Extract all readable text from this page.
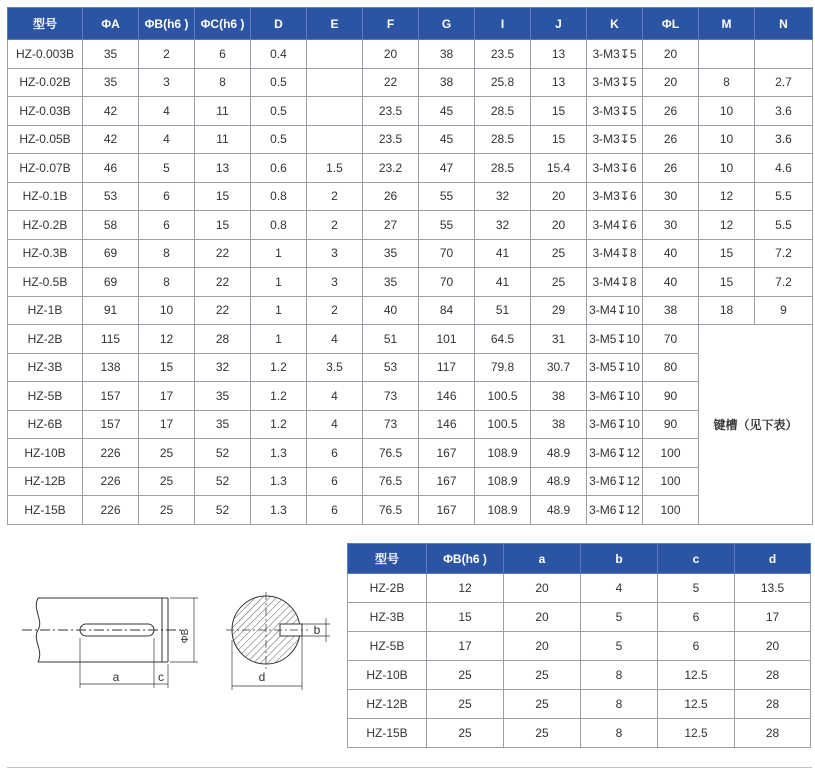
型号	ΦA	ΦB(h6 )	ΦC(h6 )	D	E	F	G	I	J	K	ΦL	M	N
HZ-0.003B	35	2	6	0.4		20	38	23.5	13	3-M3↧5	20		
HZ-0.02B	35	3	8	0.5		22	38	25.8	13	3-M3↧5	20	8	2.7
HZ-0.03B	42	4	11	0.5		23.5	45	28.5	15	3-M3↧5	26	10	3.6
HZ-0.05B	42	4	11	0.5		23.5	45	28.5	15	3-M3↧5	26	10	3.6
HZ-0.07B	46	5	13	0.6	1.5	23.2	47	28.5	15.4	3-M3↧6	26	10	4.6
HZ-0.1B	53	6	15	0.8	2	26	55	32	20	3-M3↧6	30	12	5.5
HZ-0.2B	58	6	15	0.8	2	27	55	32	20	3-M4↧6	30	12	5.5
HZ-0.3B	69	8	22	1	3	35	70	41	25	3-M4↧8	40	15	7.2
HZ-0.5B	69	8	22	1	3	35	70	41	25	3-M4↧8	40	15	7.2
HZ-1B	91	10	22	1	2	40	84	51	29	3-M4↧10	38	18	9
HZ-2B	115	12	28	1	4	51	101	64.5	31	3-M5↧10	70	键槽（见下表）	
HZ-3B	138	15	32	1.2	3.5	53	117	79.8	30.7	3-M5↧10	80		
HZ-5B	157	17	35	1.2	4	73	146	100.5	38	3-M6↧10	90		
HZ-6B	157	17	35	1.2	4	73	146	100.5	38	3-M6↧10	90		
HZ-10B	226	25	52	1.3	6	76.5	167	108.9	48.9	3-M6↧12	100		
HZ-12B	226	25	52	1.3	6	76.5	167	108.9	48.9	3-M6↧12	100		
HZ-15B	226	25	52	1.3	6	76.5	167	108.9	48.9	3-M6↧12	100		
ΦB
a	c
b
d
型号	ΦB(h6 )	a	b	c	d
HZ-2B	12	20	4	5	13.5
HZ-3B	15	20	5	6	17
HZ-5B	17	20	5	6	20
HZ-10B	25	25	8	12.5	28
HZ-12B	25	25	8	12.5	28
HZ-15B	25	25	8	12.5	28
